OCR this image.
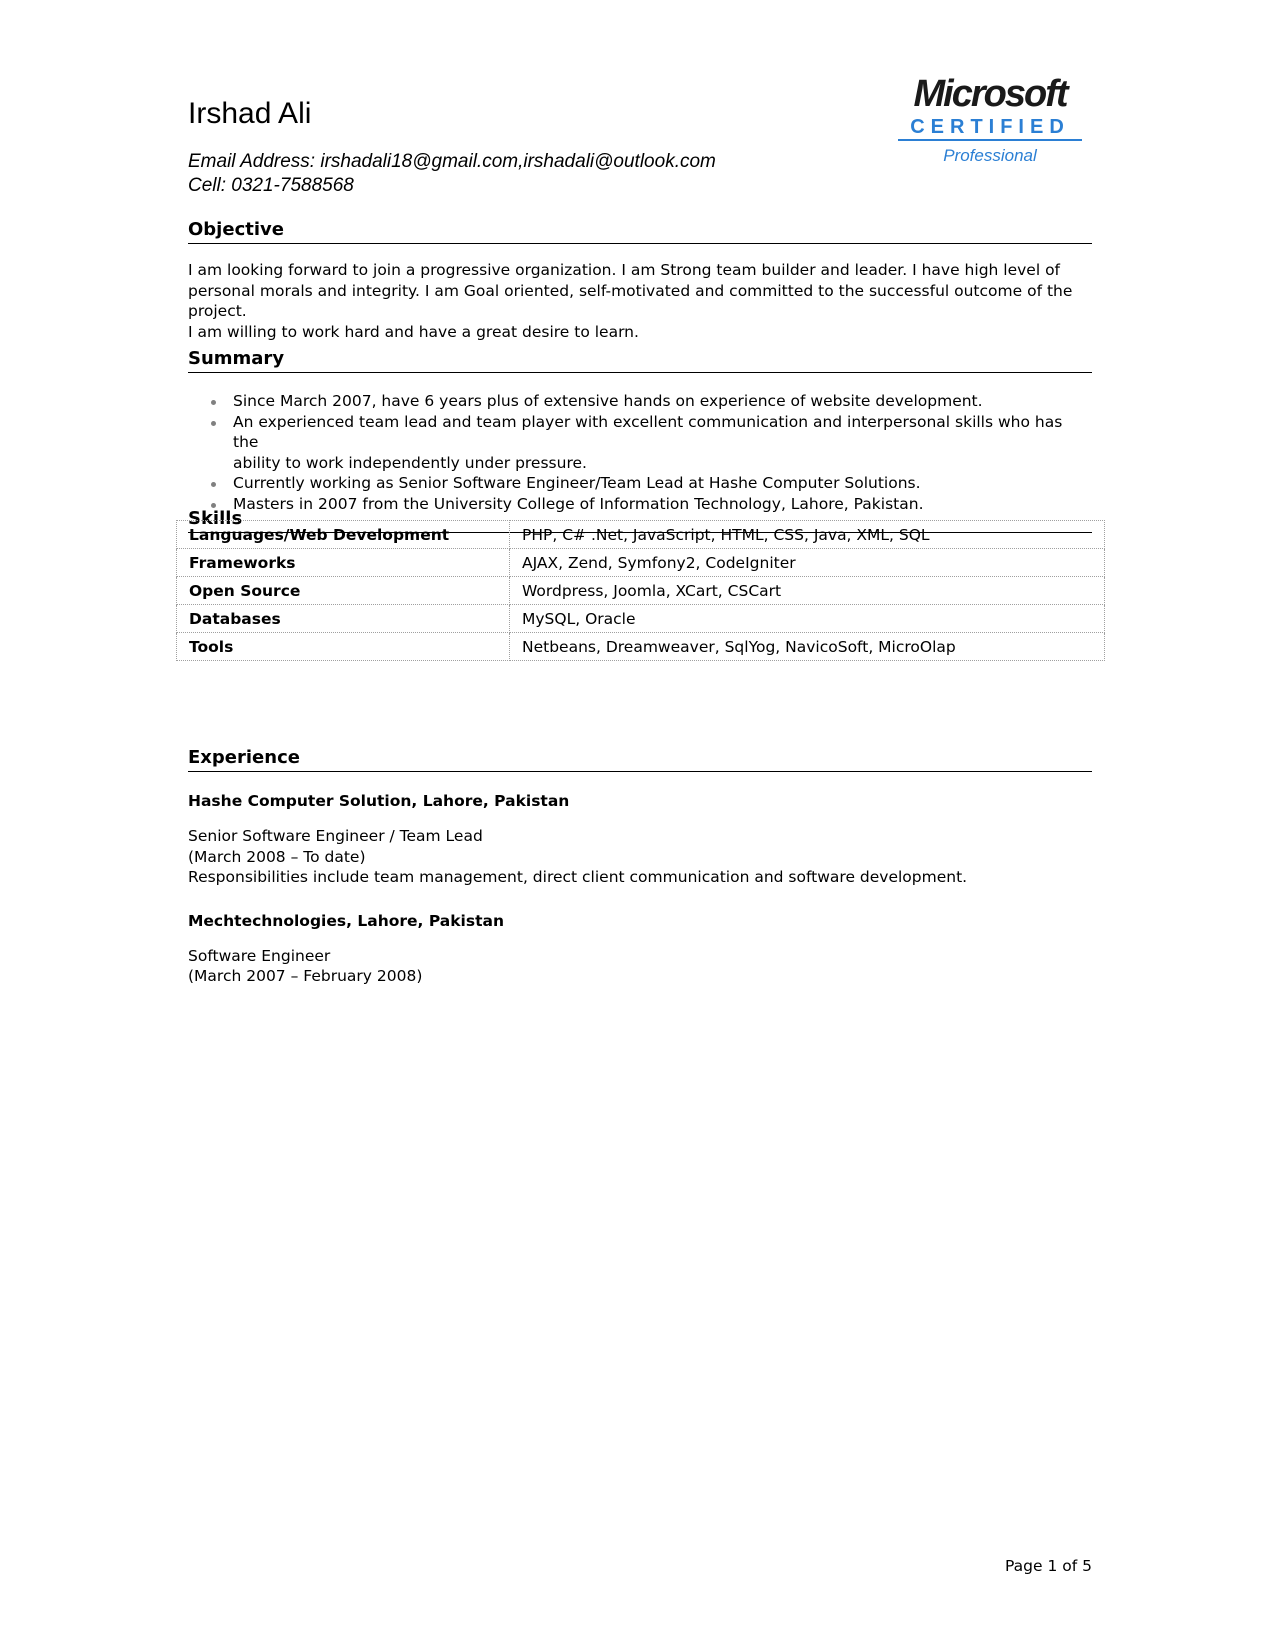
Microsoft
CERTIFIED
Professional
Irshad Ali
Email Address: irshadali18@gmail.com,irshadali@outlook.com
Cell: 0321-7588568
Objective

I am looking forward to join a progressive organization. I am Strong team builder and leader. I have high level of
personal morals and integrity. I am Goal oriented, self-motivated and committed to the successful outcome of the project.
I am willing to work hard and have a great desire to learn.

Summary
Since March 2007, have 6 years plus of extensive hands on experience of website development.
An experienced team lead and team player with excellent communication and interpersonal skills who has the
ability to work independently under pressure.
Currently working as Senior Software Engineer/Team Lead at Hashe Computer Solutions.
Masters in 2007 from the University College of Information Technology, Lahore, Pakistan.
Skills
Languages/Web Development	PHP, C# .Net, JavaScript, HTML, CSS, Java, XML, SQL
Frameworks	AJAX, Zend, Symfony2, CodeIgniter
Open Source	Wordpress, Joomla, XCart, CSCart
Databases	MySQL, Oracle
Tools	Netbeans, Dreamweaver, SqlYog, NavicoSoft, MicroOlap
Experience

Hashe Computer Solution, Lahore, Pakistan

Senior Software Engineer / Team Lead

(March 2008 – To date)

Responsibilities include team management, direct client communication and software development.

Mechtechnologies, Lahore, Pakistan

Software Engineer

(March 2007 – February 2008)

Page 1 of 5
